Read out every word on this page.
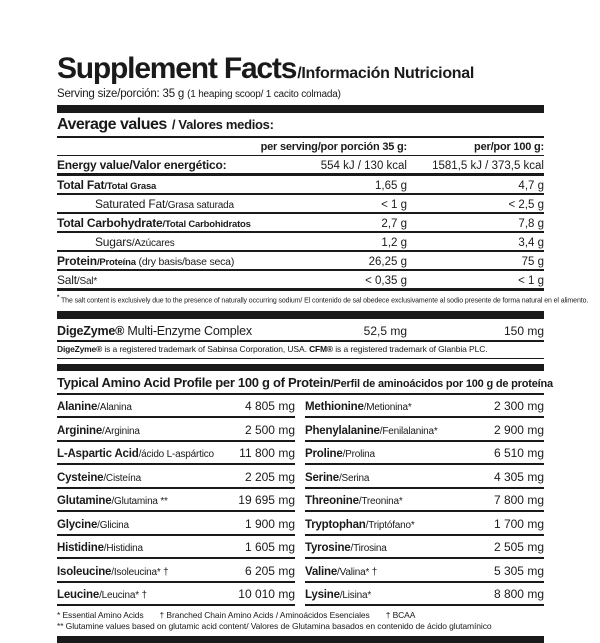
Supplement Facts /Información Nutricional
Serving size/porción: 35 g (1 heaping scoop/ 1 cacito colmada)
Average values / Valores medios:
per serving/por porción 35 g:	per/por 100 g:
Energy value/Valor energético:	554 kJ / 130 kcal	1581,5 kJ / 373,5 kcal
Total Fat/Total Grasa	1,65 g	4,7 g
Saturated Fat/Grasa saturada	< 1 g	< 2,5 g
Total Carbohydrate/Total Carbohidratos	2,7 g	7,8 g
Sugars/Azúcares	1,2 g	3,4 g
Protein/Proteína (dry basis/base seca)	26,25 g	75 g
Salt/Sal*	< 0,35 g	< 1 g
* The salt content is exclusively due to the presence of naturally occurring sodium/ El contenido de sal obedece exclusivamente al sodio presente de forma natural en el alimento.
DigeZyme® Multi-Enzyme Complex	52,5 mg	150 mg
DigeZyme® is a registered trademark of Sabinsa Corporation, USA. CFM® is a registered trademark of Glanbia PLC.
Typical Amino Acid Profile per 100 g of Protein /Perfil de aminoácidos por 100 g de proteína
Alanine/Alanina	4 805 mg
Arginine/Arginina	2 500 mg
L-Aspartic Acid/ácido L-aspártico 11 800 mg
Cysteine/Cisteína	2 205 mg
Glutamine/Glutamina **	19 695 mg
Glycine/Glicina	1 900 mg
Histidine/Histidina	1 605 mg
Isoleucine/Isoleucina* †	6 205 mg
Leucine/Leucina* †	10 010 mg
Methionine/Metionina*	2 300 mg
Phenylalanine/Fenilalanina*	2 900 mg
Proline/Prolina	6 510 mg
Serine/Serina	4 305 mg
Threonine/Treonina*	7 800 mg
Tryptophan/Triptófano*	1 700 mg
Tyrosine/Tirosina	2 505 mg
Valine/Valina* †	5 305 mg
Lysine/Lisina*	8 800 mg
* Essential Amino Acids † Branched Chain Amino Acids / Aminoácidos Esenciales † BCAA
** Glutamine values based on glutamic acid content/ Valores de Glutamina basados en contenido de ácido glutamínico
